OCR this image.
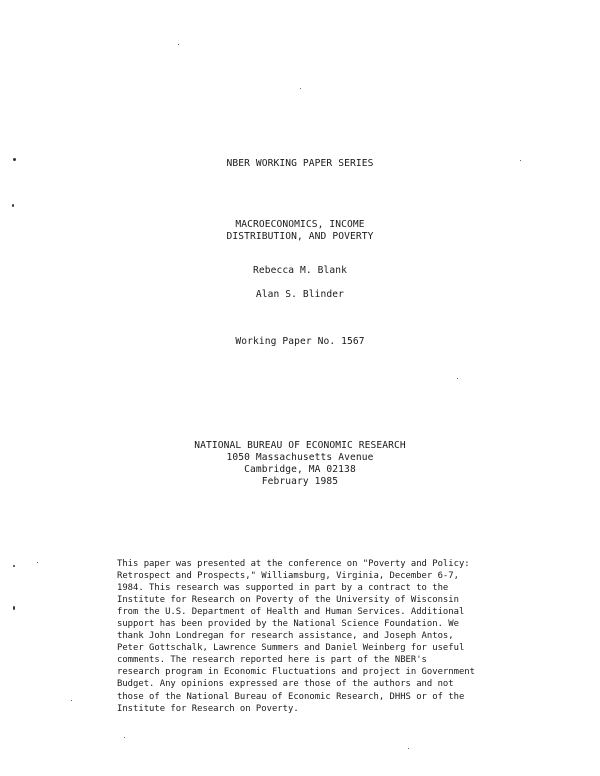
NBER WORKING PAPER SERIES
MACROECONOMICS, INCOME
DISTRIBUTION, AND POVERTY
Rebecca M. Blank
Alan S. Blinder
Working Paper No. 1567
NATIONAL BUREAU OF ECONOMIC RESEARCH
1050 Massachusetts Avenue
Cambridge, MA 02138
February 1985
This paper was presented at the conference on "Poverty and Policy:
Retrospect and Prospects," Williamsburg, Virginia, December 6-7,
1984. This research was supported in part by a contract to the
Institute for Research on Poverty of the University of Wisconsin
from the U.S. Department of Health and Human Services. Additional
support has been provided by the National Science Foundation. We
thank John Londregan for research assistance, and Joseph Antos,
Peter Gottschalk, Lawrence Summers and Daniel Weinberg for useful
comments. The research reported here is part of the NBER's
research program in Economic Fluctuations and project in Government
Budget. Any opinions expressed are those of the authors and not
those of the National Bureau of Economic Research, DHHS or of the
Institute for Research on Poverty.
